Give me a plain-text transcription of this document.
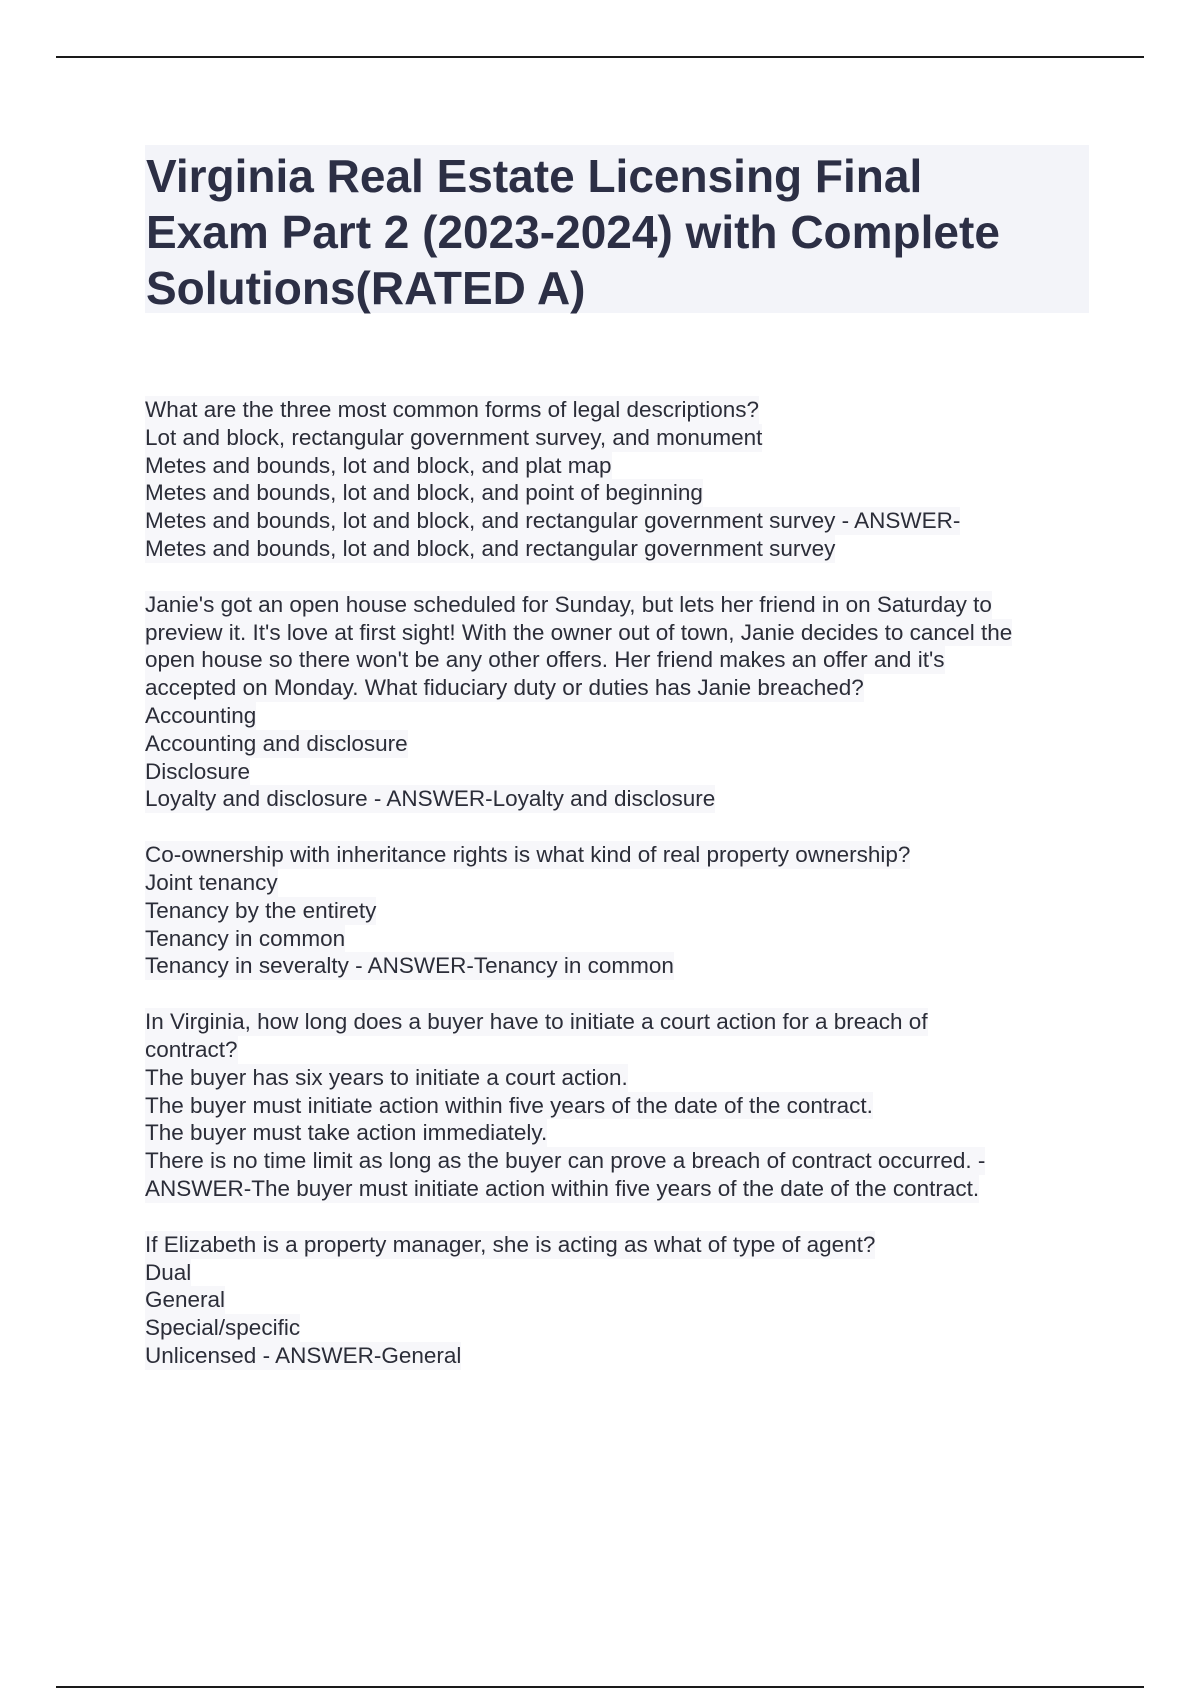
Virginia Real Estate Licensing Final
Exam Part 2 (2023-2024) with Complete
Solutions(RATED A)
What are the three most common forms of legal descriptions?
Lot and block, rectangular government survey, and monument
Metes and bounds, lot and block, and plat map
Metes and bounds, lot and block, and point of beginning
Metes and bounds, lot and block, and rectangular government survey - ANSWER-
Metes and bounds, lot and block, and rectangular government survey
Janie's got an open house scheduled for Sunday, but lets her friend in on Saturday to
preview it. It's love at first sight! With the owner out of town, Janie decides to cancel the
open house so there won't be any other offers. Her friend makes an offer and it's
accepted on Monday. What fiduciary duty or duties has Janie breached?
Accounting
Accounting and disclosure
Disclosure
Loyalty and disclosure - ANSWER-Loyalty and disclosure
Co-ownership with inheritance rights is what kind of real property ownership?
Joint tenancy
Tenancy by the entirety
Tenancy in common
Tenancy in severalty - ANSWER-Tenancy in common
In Virginia, how long does a buyer have to initiate a court action for a breach of
contract?
The buyer has six years to initiate a court action.
The buyer must initiate action within five years of the date of the contract.
The buyer must take action immediately.
There is no time limit as long as the buyer can prove a breach of contract occurred. -
ANSWER-The buyer must initiate action within five years of the date of the contract.
If Elizabeth is a property manager, she is acting as what of type of agent?
Dual
General
Special/specific
Unlicensed - ANSWER-General
